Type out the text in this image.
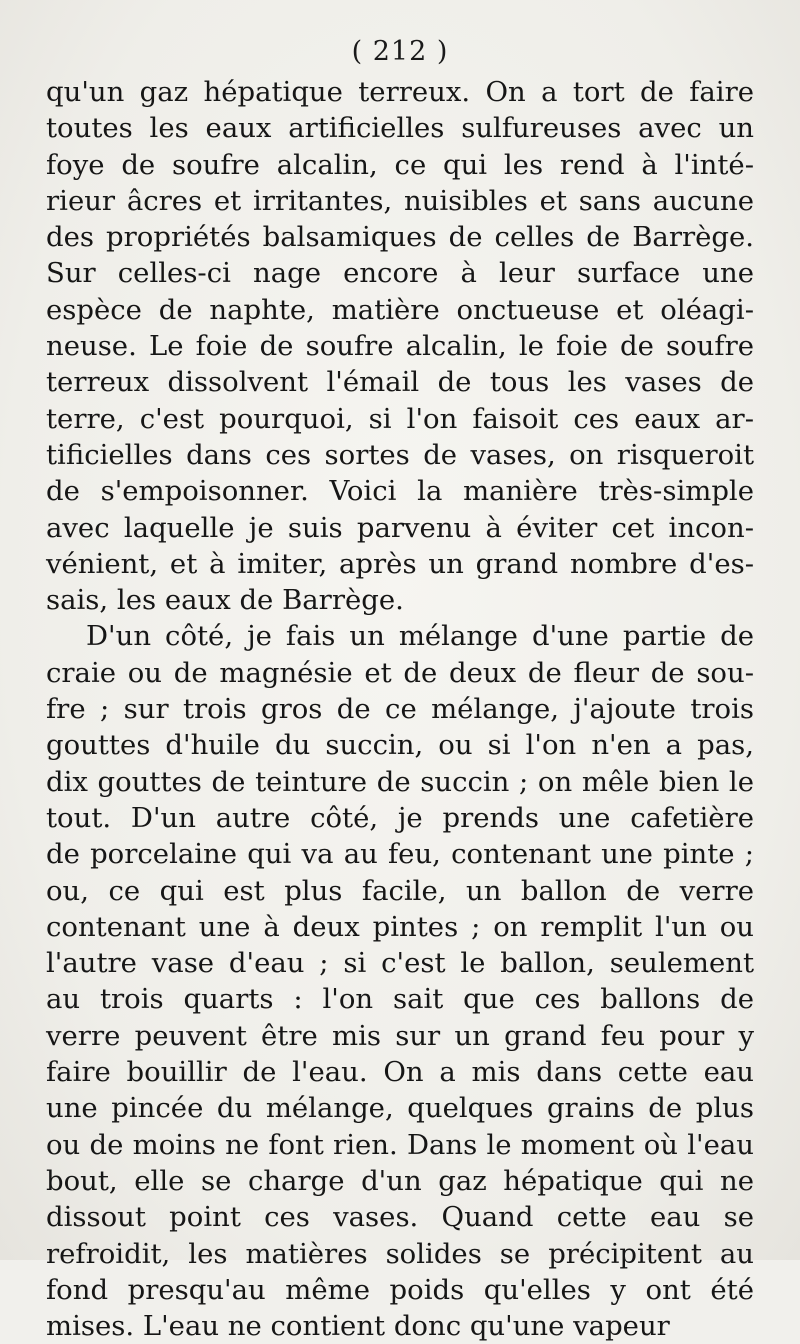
( 212 )
qu'un gaz hépatique terreux. On a tort de faire
toutes les eaux artificielles sulfureuses avec un
foye de soufre alcalin, ce qui les rend à l'inté-
rieur âcres et irritantes, nuisibles et sans aucune
des propriétés balsamiques de celles de Barrège.
Sur celles-ci nage encore à leur surface une
espèce de naphte, matière onctueuse et oléagi-
neuse. Le foie de soufre alcalin, le foie de soufre
terreux dissolvent l'émail de tous les vases de
terre, c'est pourquoi, si l'on faisoit ces eaux ar-
tificielles dans ces sortes de vases, on risqueroit
de s'empoisonner. Voici la manière très-simple
avec laquelle je suis parvenu à éviter cet incon-
vénient, et à imiter, après un grand nombre d'es-
sais, les eaux de Barrège.
D'un côté, je fais un mélange d'une partie de
craie ou de magnésie et de deux de fleur de sou-
fre ; sur trois gros de ce mélange, j'ajoute trois
gouttes d'huile du succin, ou si l'on n'en a pas,
dix gouttes de teinture de succin ; on mêle bien le
tout. D'un autre côté, je prends une cafetière
de porcelaine qui va au feu, contenant une pinte ;
ou, ce qui est plus facile, un ballon de verre
contenant une à deux pintes ; on remplit l'un ou
l'autre vase d'eau ; si c'est le ballon, seulement
au trois quarts : l'on sait que ces ballons de
verre peuvent être mis sur un grand feu pour y
faire bouillir de l'eau. On a mis dans cette eau
une pincée du mélange, quelques grains de plus
ou de moins ne font rien. Dans le moment où l'eau
bout, elle se charge d'un gaz hépatique qui ne
dissout point ces vases. Quand cette eau se
refroidit, les matières solides se précipitent au
fond presqu'au même poids qu'elles y ont été
mises. L'eau ne contient donc qu'une vapeur
